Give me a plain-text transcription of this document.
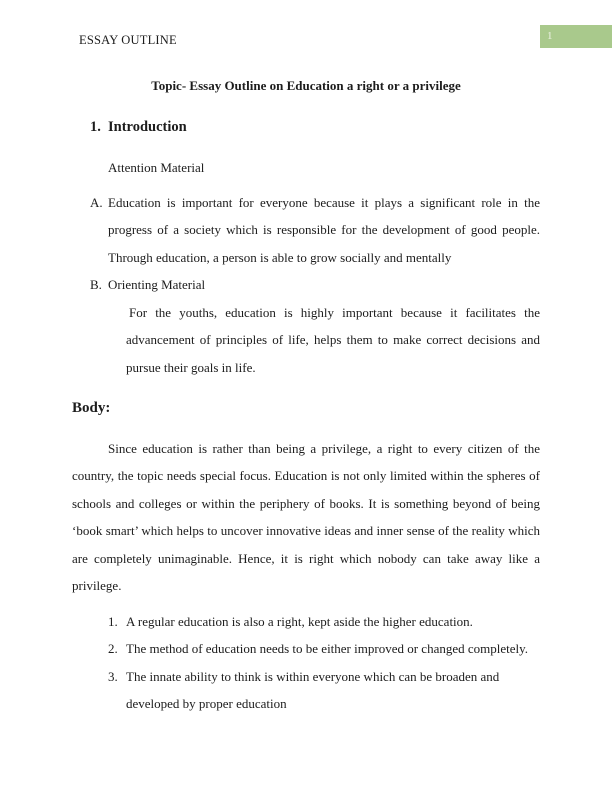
ESSAY OUTLINE	1
Topic- Essay Outline on Education a right or a privilege
1. Introduction
Attention Material
A. Education is important for everyone because it plays a significant role in the progress of a society which is responsible for the development of good people. Through education, a person is able to grow socially and mentally
B. Orienting Material
For the youths, education is highly important because it facilitates the advancement of principles of life, helps them to make correct decisions and pursue their goals in life.
Body:
Since education is rather than being a privilege, a right to every citizen of the country, the topic needs special focus. Education is not only limited within the spheres of schools and colleges or within the periphery of books. It is something beyond of being ‘book smart’ which helps to uncover innovative ideas and inner sense of the reality which are completely unimaginable. Hence, it is right which nobody can take away like a privilege.
1. A regular education is also a right, kept aside the higher education.
2. The method of education needs to be either improved or changed completely.
3. The innate ability to think is within everyone which can be broaden and developed by proper education
